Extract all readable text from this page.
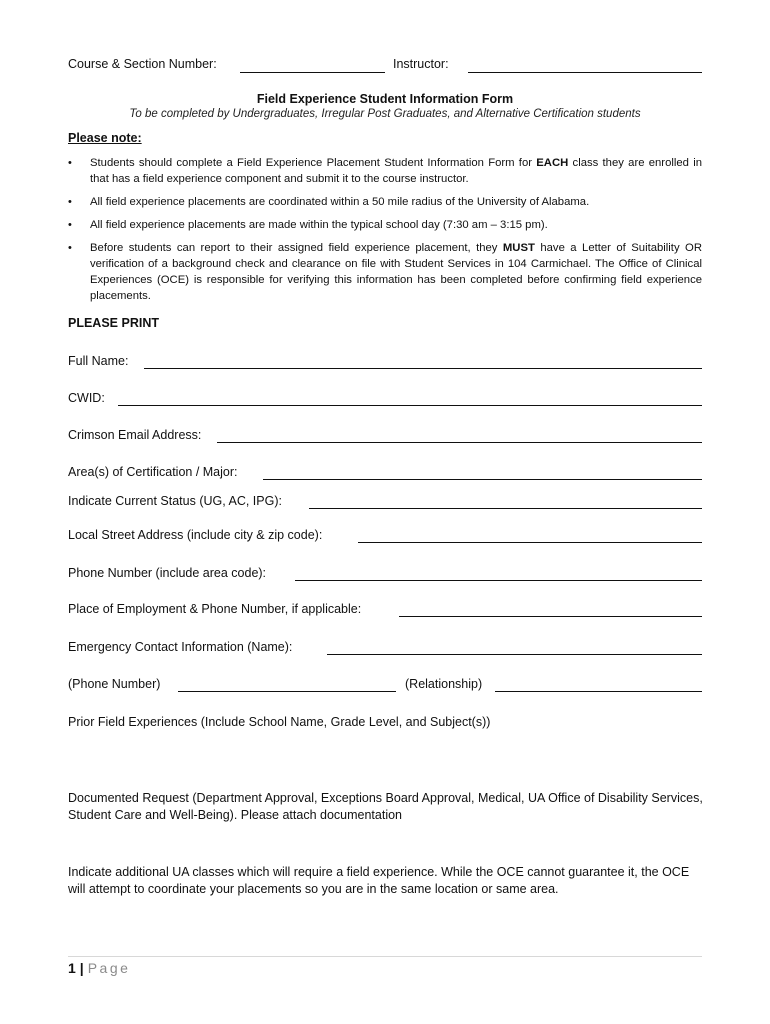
Course & Section Number:	Instructor:
Field Experience Student Information Form
To be completed by Undergraduates, Irregular Post Graduates, and Alternative Certification students
Please note:
• Students should complete a Field Experience Placement Student Information Form for EACH class they are enrolled in that has a field experience component and submit it to the course instructor.
• All field experience placements are coordinated within a 50 mile radius of the University of Alabama.
• All field experience placements are made within the typical school day (7:30 am – 3:15 pm).
• Before students can report to their assigned field experience placement, they MUST have a Letter of Suitability OR verification of a background check and clearance on file with Student Services in 104 Carmichael. The Office of Clinical Experiences (OCE) is responsible for verifying this information has been completed before confirming field experience placements.
PLEASE PRINT
Full Name:
CWID:
Crimson Email Address:
Area(s) of Certification / Major:
Indicate Current Status (UG, AC, IPG):
Local Street Address (include city & zip code):
Phone Number (include area code):
Place of Employment & Phone Number, if applicable:
Emergency Contact Information (Name):
(Phone Number)	(Relationship)
Prior Field Experiences (Include School Name, Grade Level, and Subject(s))
Documented Request (Department Approval, Exceptions Board Approval, Medical, UA Office of Disability Services, Student Care and Well-Being). Please attach documentation
Indicate additional UA classes which will require a field experience. While the OCE cannot guarantee it, the OCE will attempt to coordinate your placements so you are in the same location or same area.
1 | Page
